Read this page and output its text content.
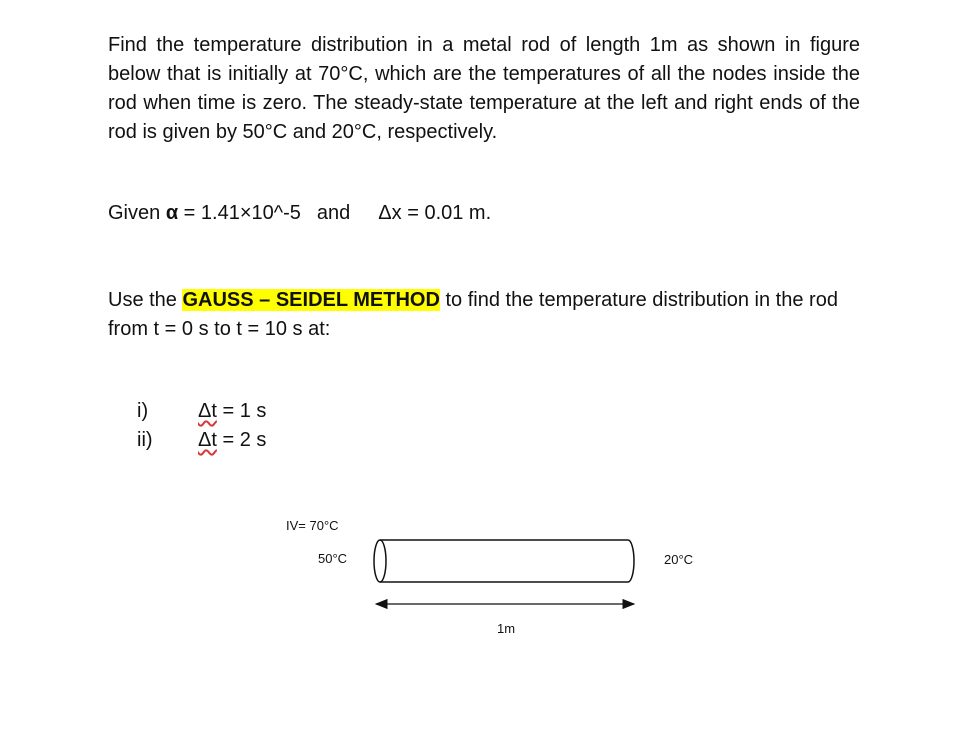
Find the temperature distribution in a metal rod of length 1m as shown in figure below that is initially at 70°C, which are the temperatures of all the nodes inside the rod when time is zero. The steady-state temperature at the left and right ends of the rod is given by 50°C and 20°C, respectively.
Given α = 1.41×10^-5 and Δx = 0.01 m.
Use the GAUSS – SEIDEL METHOD to find the temperature distribution in the rod from t = 0 s to t = 10 s at:
i) Δt = 1 s
ii) Δt = 2 s
IV= 70°C
50°C	20°C
1m
